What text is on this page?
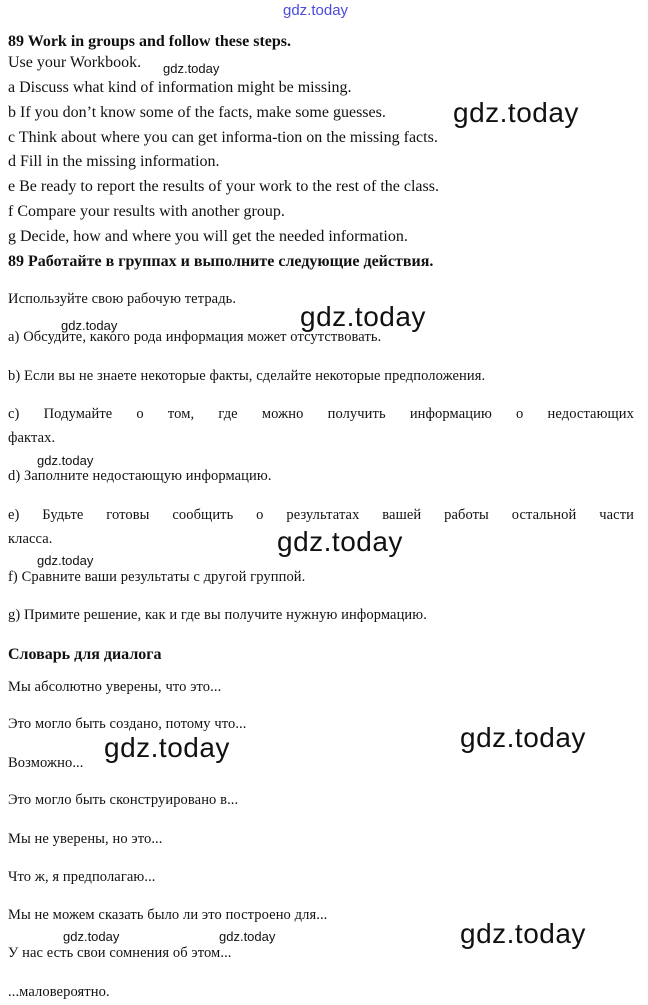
gdz.today
89 Work in groups and follow these steps.
Use your Workbook.
a Discuss what kind of information might be missing.
b If you don’t know some of the facts, make some guesses.
c Think about where you can get informa-tion on the missing facts.
d Fill in the missing information.
e Be ready to report the results of your work to the rest of the class.
f Compare your results with another group.
g Decide, how and where you will get the needed information.
89 Работайте в группах и выполните следующие действия.
Используйте свою рабочую тетрадь.
а) Обсудите, какого рода информация может отсутствовать.
b) Если вы не знаете некоторые факты, сделайте некоторые предположения.
с) Подумайте о том, где можно получить информацию о недостающих
фактах.
d) Заполните недостающую информацию.
е) Будьте готовы сообщить о результатах вашей работы остальной части
класса.
f) Сравните ваши результаты с другой группой.
g) Примите решение, как и где вы получите нужную информацию.
Словарь для диалога
Мы абсолютно уверены, что это...
Это могло быть создано, потому что...
Возможно...
Это могло быть сконструировано в...
Мы не уверены, но это...
Что ж, я предполагаю...
Мы не можем сказать было ли это построено для...
У нас есть свои сомнения об этом...
...маловероятно.
gdz.today
gdz.today
gdz.today
gdz.today	gdz.today
gdz.today
gdz.today
gdz.today
gdz.today
gdz.today
gdz.today	gdz.today
